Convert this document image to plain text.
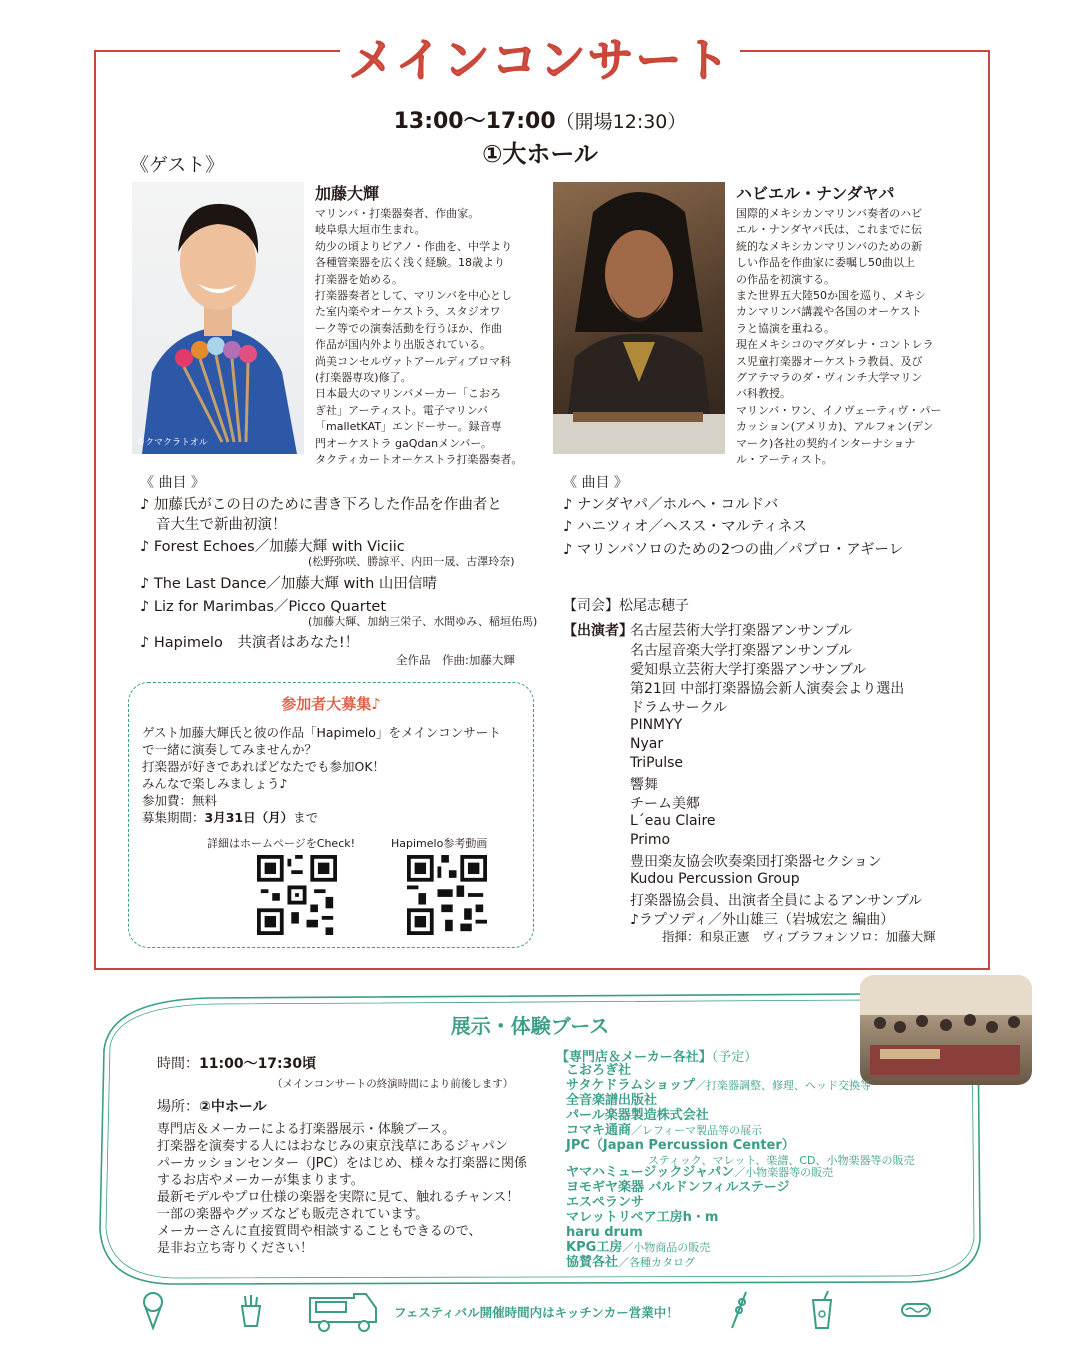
メインコンサート
13:00〜17:00（開場12:30）
①大ホール
《ゲスト》
©クマクラトオル
加藤大輝
マリンバ・打楽器奏者、作曲家。
岐阜県大垣市生まれ。
幼少の頃よりピアノ・作曲を、中学より
各種管楽器を広く浅く経験。18歳より
打楽器を始める。
打楽器奏者として、マリンバを中心とし
た室内楽やオーケストラ、スタジオワ
ーク等での演奏活動を行うほか、作曲
作品が国内外より出版されている。
尚美コンセルヴァトアールディプロマ科
(打楽器専攻)修了。
日本最大のマリンバメーカー「こおろ
ぎ社」アーティスト。電子マリンバ
「malletKAT」エンドーサー。録音専
門オーケストラ gaQdanメンバー。
タクティカートオーケストラ打楽器奏者。
ハビエル・ナンダヤパ
国際的メキシカンマリンバ奏者のハビ
エル・ナンダヤパ氏は、これまでに伝
統的なメキシカンマリンバのための新
しい作品を作曲家に委嘱し50曲以上
の作品を初演する。
また世界五大陸50か国を巡り、メキシ
カンマリンバ講義や各国のオーケスト
ラと協演を重ねる。
現在メキシコのマグダレナ・コントレラ
ス児童打楽器オーケストラ教員、及び
グアテマラのダ・ヴィンチ大学マリン
バ科教授。
マリンバ・ワン、イノヴェーティヴ・パー
カッション(アメリカ)、アルフォン(デン
マーク)各社の契約インターナショナ
ル・アーティスト。
《 曲目 》
♪ 加藤氏がこの日のために書き下ろした作品を作曲者と
音大生で新曲初演！
♪ Forest Echoes／加藤大輝 with Viciic
(松野弥咲、勝諒平、内田一晟、古澤玲奈)
♪ The Last Dance／加藤大輝 with 山田信晴
♪ Liz for Marimbas／Picco Quartet
(加藤大輝、加納三栄子、水間ゆみ、稲垣佑馬)
♪ Hapimelo　共演者はあなた!！
全作品　作曲:加藤大輝
《 曲目 》
♪ ナンダヤパ／ホルへ・コルドバ
♪ ハニツィオ／ヘスス・マルティネス
♪ マリンバソロのための2つの曲／パブロ・アギーレ
参加者大募集♪
ゲスト加藤大輝氏と彼の作品「Hapimelo」をメインコンサート
で一緒に演奏してみませんか？
打楽器が好きであればどなたでも参加OK！
みんなで楽しみましょう♪
参加費：無料
募集期間：3月31日（月）まで
詳細はホームページをCheck!	Hapimelo参考動画
【司会】松尾志穂子
【出演者】
名古屋芸術大学打楽器アンサンブル
名古屋音楽大学打楽器アンサンブル
愛知県立芸術大学打楽器アンサンブル
第21回 中部打楽器協会新人演奏会より選出
ドラムサークル
PINMYY
Nyar
TriPulse
響舞
チーム美郷
L´eau Claire
Primo
豊田楽友協会吹奏楽団打楽器セクション
Kudou Percussion Group
打楽器協会員、出演者全員によるアンサンブル
♪ラプソディ／外山雄三（岩城宏之 編曲）
指揮：和泉正憲　ヴィブラフォンソロ：加藤大輝
展示・体験ブース
時間：11:00〜17:30頃
（メインコンサートの終演時間により前後します）
場所：②中ホール
専門店＆メーカーによる打楽器展示・体験ブース。
打楽器を演奏する人にはおなじみの東京浅草にあるジャパン
パーカッションセンター（JPC）をはじめ、様々な打楽器に関係
するお店やメーカーが集まります。
最新モデルやプロ仕様の楽器を実際に見て、触れるチャンス！
一部の楽器やグッズなども販売されています。
メーカーさんに直接質問や相談することもできるので、
是非お立ち寄りください！
【専門店＆メーカー各社】（予定）
こおろぎ社
サタケドラムショップ／打楽器調整、修理、ヘッド交換等
全音楽譜出版社
パール楽器製造株式会社
コマキ通商／レフィーマ製品等の展示
JPC（Japan Percussion Center）
スティック、マレット、楽譜、CD、小物楽器等の販売
ヤマハミュージックジャパン／小物楽器等の販売
ヨモギヤ楽器 バルドンフィルステージ
エスペランサ
マレットリペア工房h・m
haru drum
KPG工房／小物商品の販売
協賛各社／各種カタログ
フェスティバル開催時間内はキッチンカー営業中！
